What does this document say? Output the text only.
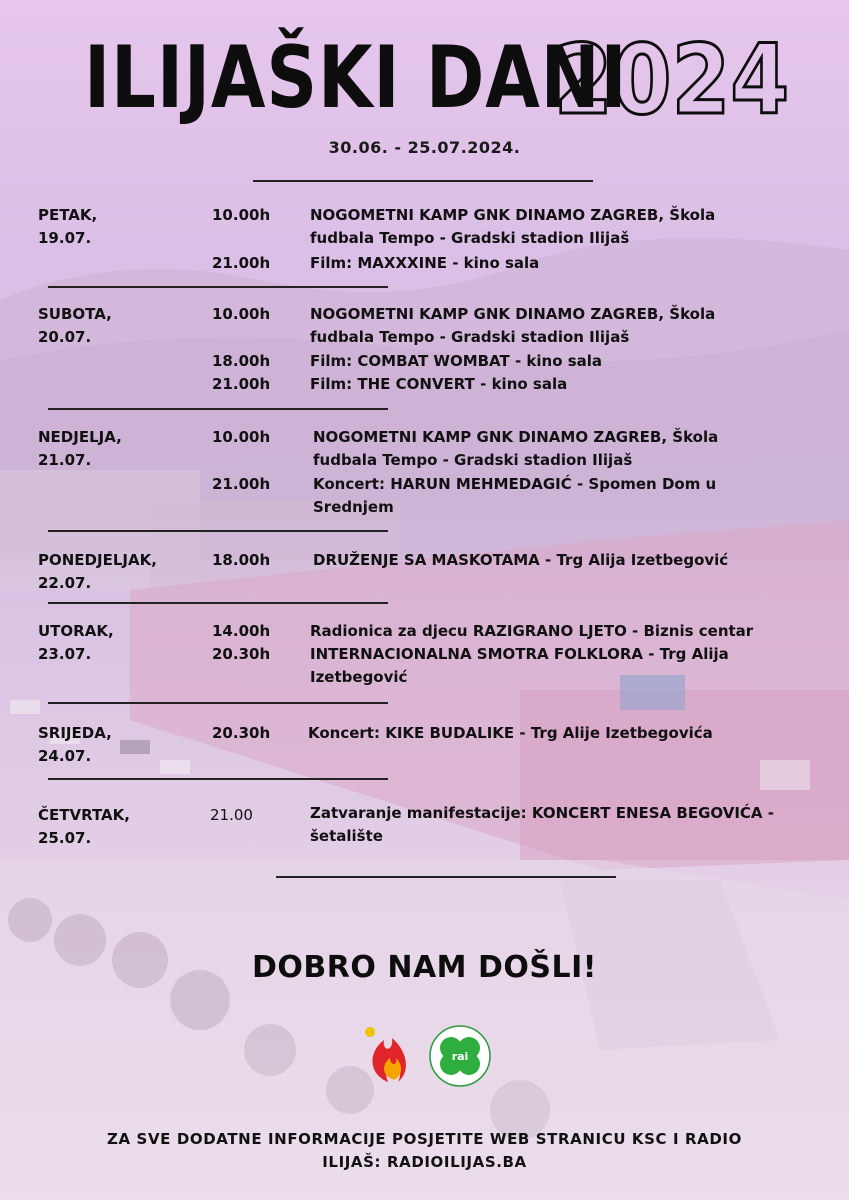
ILIJAŠKI DANI
2024
30.06. - 25.07.2024.
PETAK,
19.07.
10.00h	NOGOMETNI KAMP GNK DINAMO ZAGREB, Škola
fudbala Tempo - Gradski stadion Ilijaš
21.00h	Film: MAXXXINE - kino sala
SUBOTA,
20.07.
10.00h	NOGOMETNI KAMP GNK DINAMO ZAGREB, Škola
fudbala Tempo - Gradski stadion Ilijaš
18.00h	Film: COMBAT WOMBAT - kino sala
21.00h	Film: THE CONVERT - kino sala
NEDJELJA,
21.07.
10.00h	NOGOMETNI KAMP GNK DINAMO ZAGREB, Škola
fudbala Tempo - Gradski stadion Ilijaš
21.00h	Koncert: HARUN MEHMEDAGIĆ - Spomen Dom u
Srednjem
PONEDJELJAK,
22.07.
18.00h	DRUŽENJE SA MASKOTAMA - Trg Alija Izetbegović
UTORAK,
23.07.
14.00h	Radionica za djecu RAZIGRANO LJETO - Biznis centar
20.30h	INTERNACIONALNA SMOTRA FOLKLORA - Trg Alija
Izetbegović
SRIJEDA,
24.07.
20.30h	Koncert: KIKE BUDALIKE - Trg Alije Izetbegovića
ČETVRTAK,
25.07.
21.00	Zatvaranje manifestacije: KONCERT ENESA BEGOVIĆA -
šetalište
DOBRO NAM DOŠLI!
rai
ZA SVE DODATNE INFORMACIJE POSJETITE WEB STRANICU KSC I RADIO
ILIJAŠ: RADIOILIJAS.BA
